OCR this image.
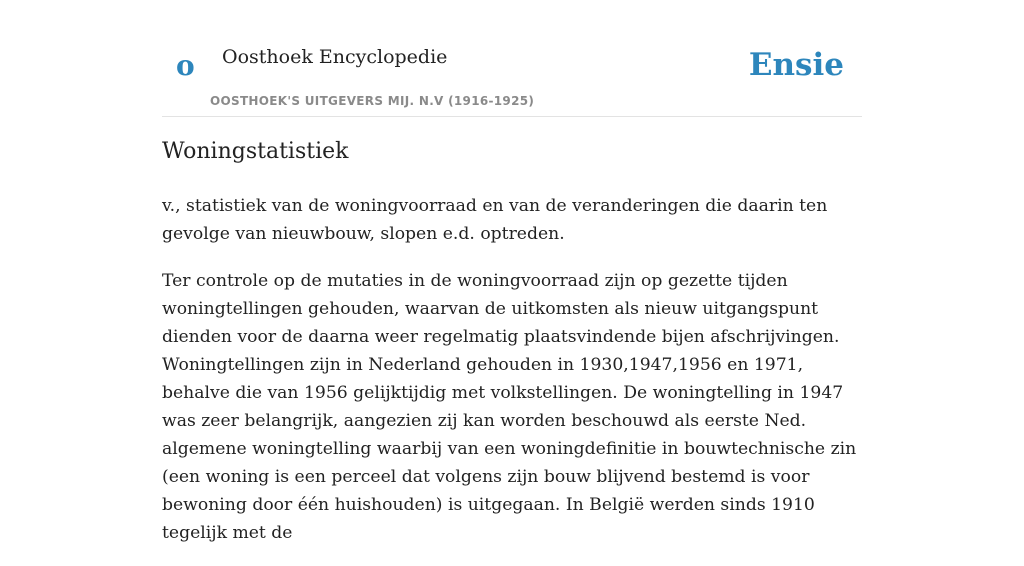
o Oosthoek Encyclopedie
OOSTHOEK'S UITGEVERS MIJ. N.V (1916-1925)
Ensie
Woningstatistiek

v., statistiek van de woningvoorraad en van de veranderingen die daarin ten gevolge van nieuwbouw, slopen e.d. optreden.

Ter controle op de mutaties in de woningvoorraad zijn op gezette tijden woningtellingen gehouden, waarvan de uitkomsten als nieuw uitgangspunt dienden voor de daarna weer regelmatig plaatsvindende bijen afschrijvingen. Woningtellingen zijn in Nederland gehouden in 1930,1947,1956 en 1971, behalve die van 1956 gelijktijdig met volkstellingen. De woningtelling in 1947 was zeer belangrijk, aangezien zij kan worden beschouwd als eerste Ned. algemene woningtelling waarbij van een woningdefinitie in bouwtechnische zin (een woning is een perceel dat volgens zijn bouw blijvend bestemd is voor bewoning door één huishouden) is uitgegaan. In België werden sinds 1910 tegelijk met de
